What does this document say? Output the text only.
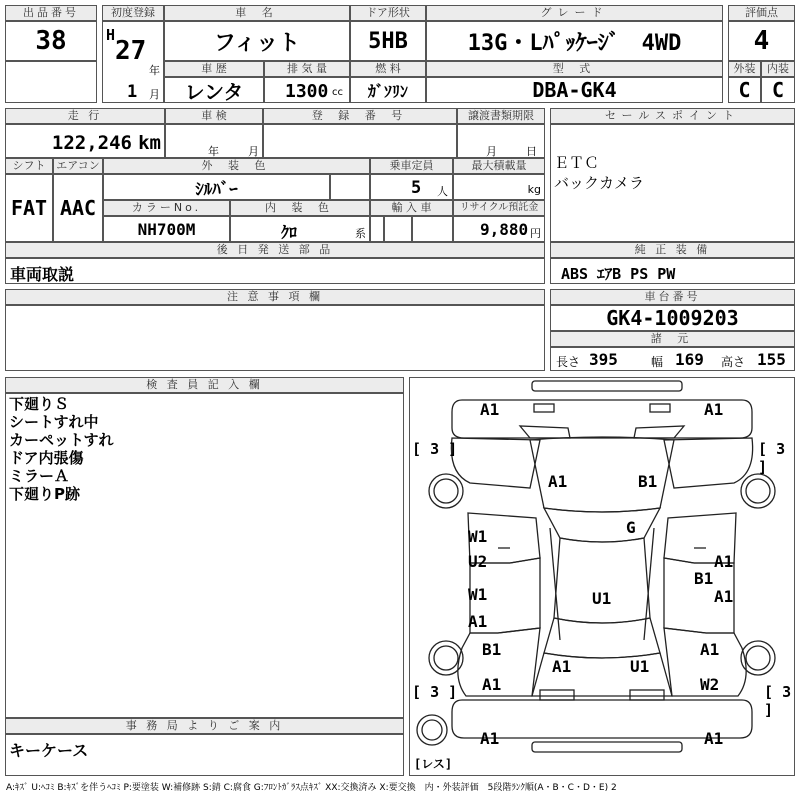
出品番号
38
初度登録
H
27
年
1 月
車 名
フィット
ドア形状
5HB
グレード
13G・Lﾊﾟｯｹｰｼﾞ　4WD
車 歴
レンタ
排 気 量
1300 cc
燃 料
ｶﾞｿﾘﾝ
型 式
DBA-GK4
評価点
4
外装	内装
C	C
走 行
122,246 km
車 検
年	月
登 録 番 号	譲渡書類期限
月	日
シフト
FAT
エアコン
AAC
外 装 色
ｼﾙﾊﾞｰ
乗車定員
5 人
最大積載量
kg
カラーNo.
NH700M
内 装 色
ｸﾛ	系
輸 入 車	リサイクル預託金
9,880 円
後 日 発 送 部 品
車両取説
セールスポイント
ＥＴＣ
バックカメラ
純 正 装 備
ABS ｴｱB PS PW
注 意 事 項 欄	車台番号
GK4-1009203
諸 元
長さ 395	幅 169 高さ 155
検 査 員 記 入 欄
下廻りＳ
シートすれ中
カーペットすれ
ドア内張傷
ミラーＡ
下廻りP跡
事 務 局 よ り ご 案 内
キーケース
A1	A1
A1	B1
G
W1
U2	A1
B1
W1
A1
A1
U1
B1	A1
A1	W2
A1	U1
A1	A1
[ 3 ]	[ 3 ]
[ 3 ]	[ 3 ]
[レス]
A:ｷｽﾞ U:ﾍｺﾐ B:ｷｽﾞを伴うﾍｺﾐ P:要塗装 W:補修跡 S:錆 C:腐食 G:ﾌﾛﾝﾄｶﾞﾗｽ点ｷｽﾞ XX:交換済み X:要交換　内・外装評価　5段階ﾗﾝｸ順(A・B・C・D・E) 2
